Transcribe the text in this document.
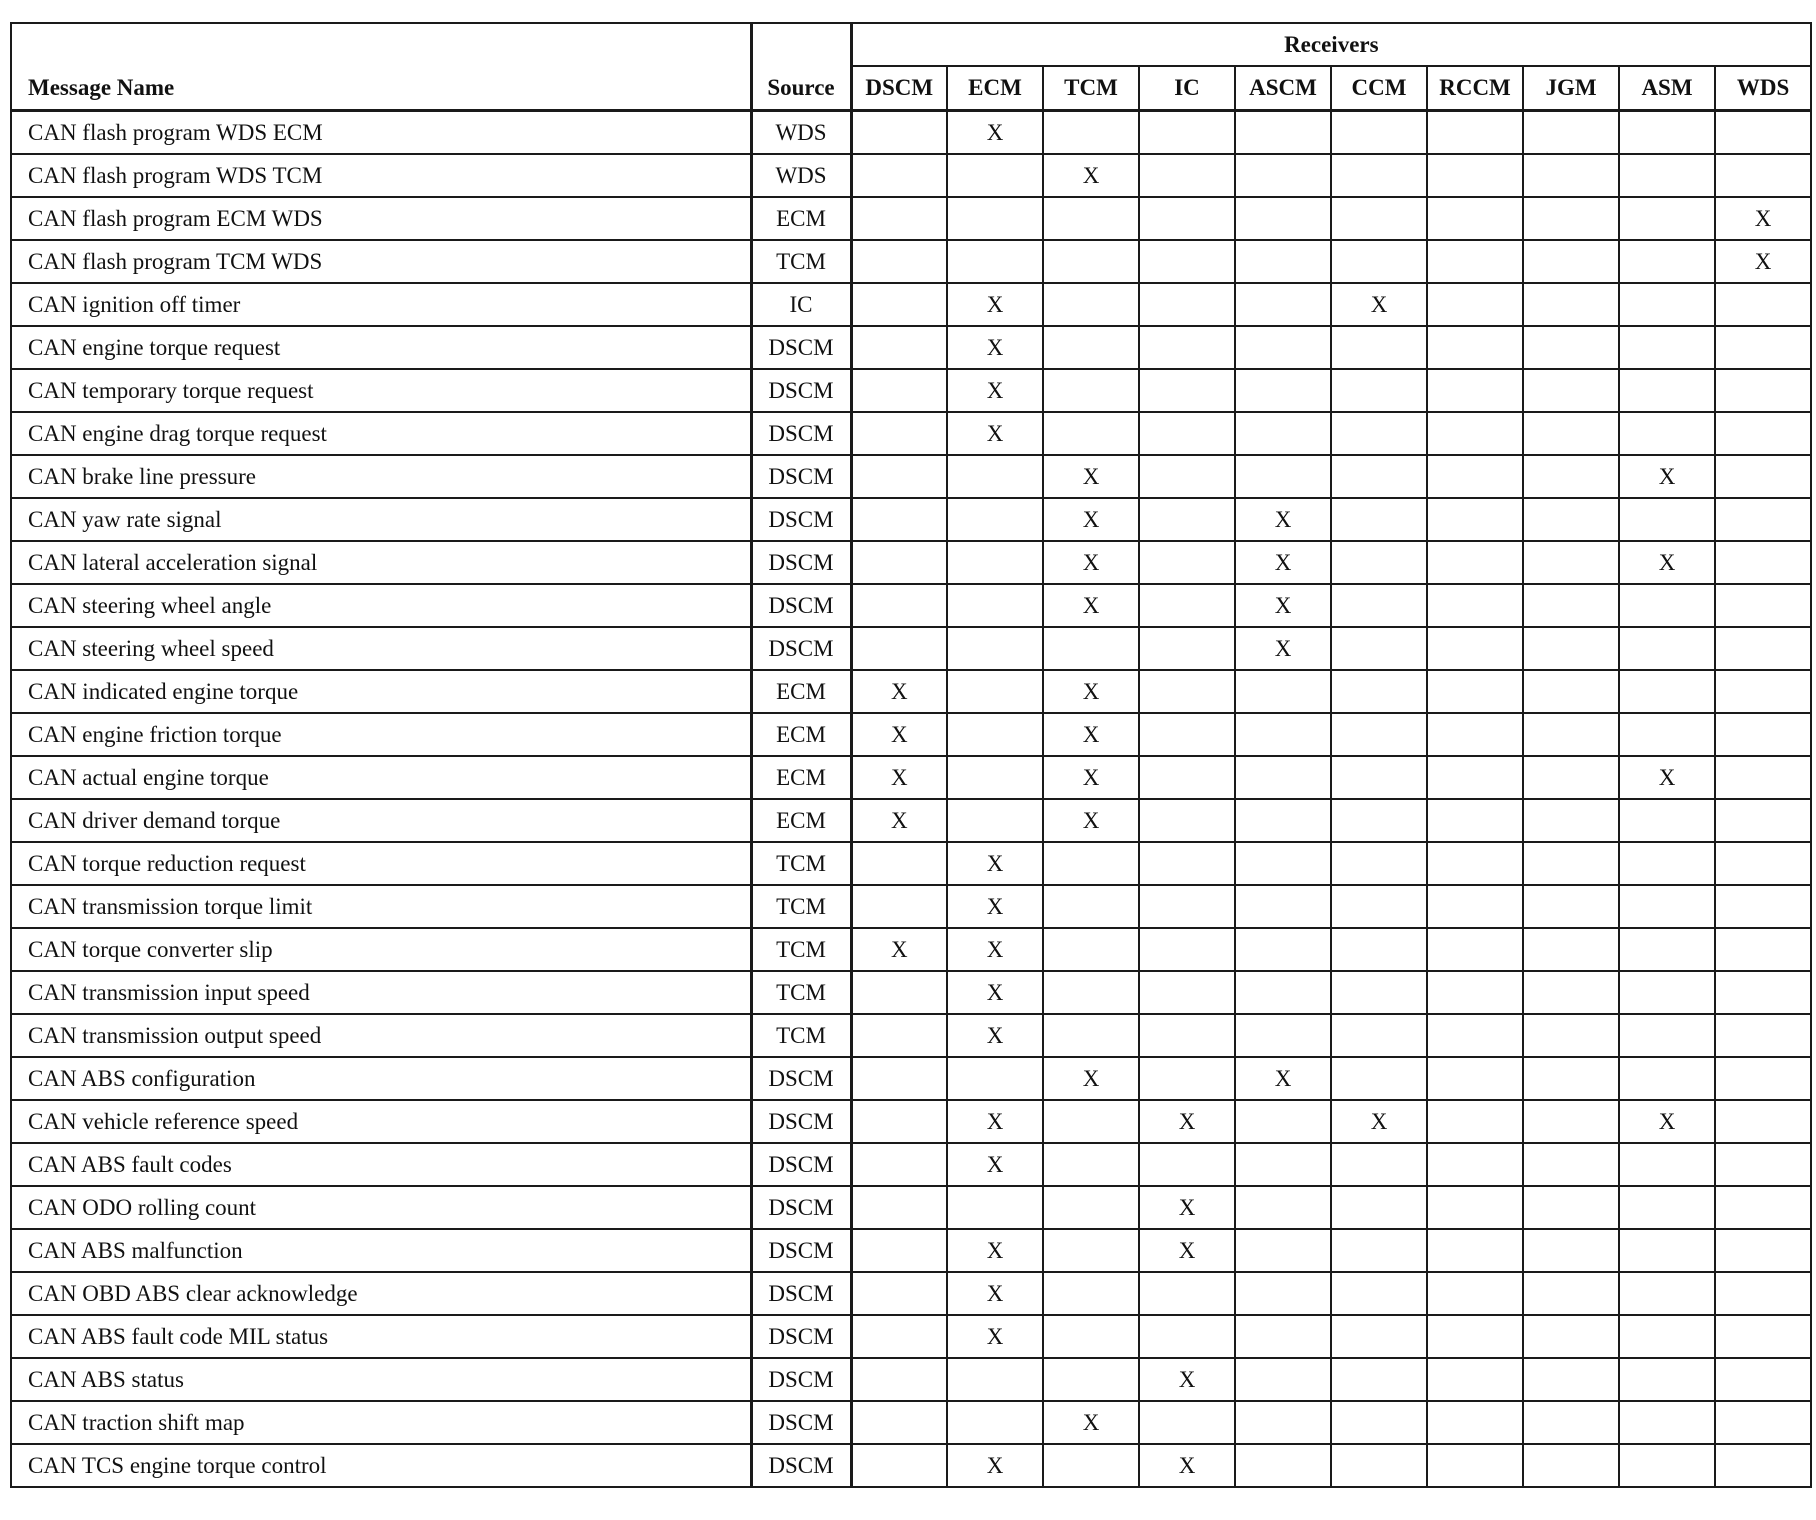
Message Name	Source	Receivers									
		DSCM	ECM	TCM	IC	ASCM	CCM	RCCM	JGM	ASM	WDS
CAN flash program WDS ECM	WDS		X								
CAN flash program WDS TCM	WDS			X							
CAN flash program ECM WDS	ECM										X
CAN flash program TCM WDS	TCM										X
CAN ignition off timer	IC		X				X				
CAN engine torque request	DSCM		X								
CAN temporary torque request	DSCM		X								
CAN engine drag torque request	DSCM		X								
CAN brake line pressure	DSCM			X						X	
CAN yaw rate signal	DSCM			X		X					
CAN lateral acceleration signal	DSCM			X		X				X	
CAN steering wheel angle	DSCM			X		X					
CAN steering wheel speed	DSCM					X					
CAN indicated engine torque	ECM	X		X							
CAN engine friction torque	ECM	X		X							
CAN actual engine torque	ECM	X		X						X	
CAN driver demand torque	ECM	X		X							
CAN torque reduction request	TCM		X								
CAN transmission torque limit	TCM		X								
CAN torque converter slip	TCM	X	X								
CAN transmission input speed	TCM		X								
CAN transmission output speed	TCM		X								
CAN ABS configuration	DSCM			X		X					
CAN vehicle reference speed	DSCM		X		X		X			X	
CAN ABS fault codes	DSCM		X								
CAN ODO rolling count	DSCM				X						
CAN ABS malfunction	DSCM		X		X						
CAN OBD ABS clear acknowledge	DSCM		X								
CAN ABS fault code MIL status	DSCM		X								
CAN ABS status	DSCM				X						
CAN traction shift map	DSCM			X							
CAN TCS engine torque control	DSCM		X		X						
